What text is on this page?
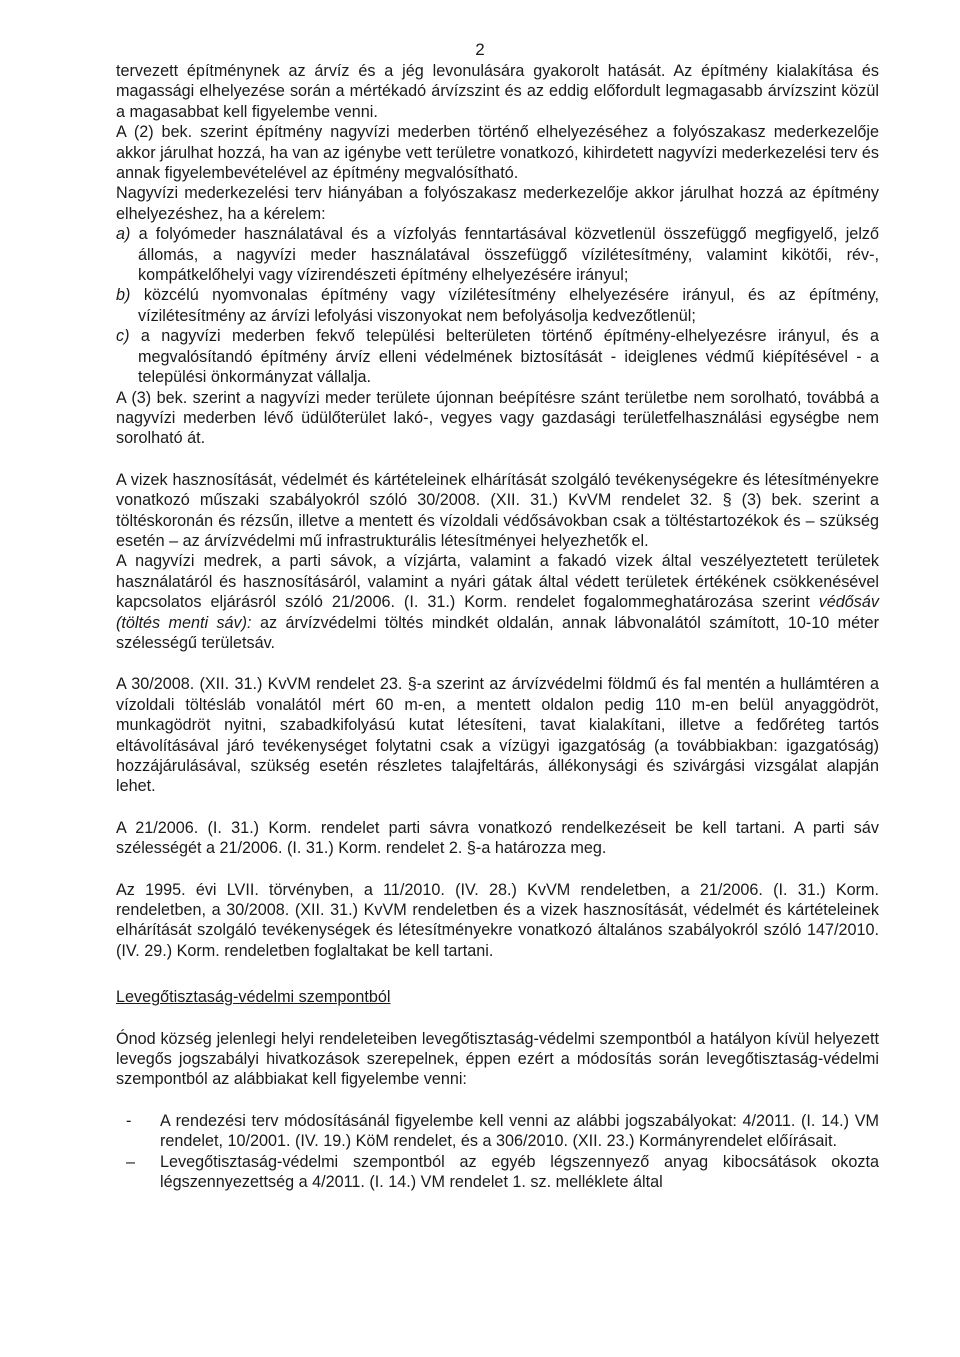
2

tervezett építménynek az árvíz és a jég levonulására gyakorolt hatását. Az építmény kialakítása és magassági elhelyezése során a mértékadó árvízszint és az eddig előfordult legmagasabb árvízszint közül a magasabbat kell figyelembe venni.

A (2) bek. szerint építmény nagyvízi mederben történő elhelyezéséhez a folyószakasz mederkezelője akkor járulhat hozzá, ha van az igénybe vett területre vonatkozó, kihirdetett nagyvízi mederkezelési terv és annak figyelembevételével az építmény megvalósítható.

Nagyvízi mederkezelési terv hiányában a folyószakasz mederkezelője akkor járulhat hozzá az építmény elhelyezéshez, ha a kérelem:

a) a folyómeder használatával és a vízfolyás fenntartásával közvetlenül összefüggő megfigyelő, jelző állomás, a nagyvízi meder használatával összefüggő vízilétesítmény, valamint kikötői, rév-, kompátkelőhelyi vagy vízirendészeti építmény elhelyezésére irányul;

b) közcélú nyomvonalas építmény vagy vízilétesítmény elhelyezésére irányul, és az építmény, vízilétesítmény az árvízi lefolyási viszonyokat nem befolyásolja kedvezőtlenül;

c) a nagyvízi mederben fekvő települési belterületen történő építmény-elhelyezésre irányul, és a megvalósítandó építmény árvíz elleni védelmének biztosítását - ideiglenes védmű kiépítésével - a települési önkormányzat vállalja.

A (3) bek. szerint a nagyvízi meder területe újonnan beépítésre szánt területbe nem sorolható, továbbá a nagyvízi mederben lévő üdülőterület lakó-, vegyes vagy gazdasági területfelhasználási egységbe nem sorolható át.

A vizek hasznosítását, védelmét és kártételeinek elhárítását szolgáló tevékenységekre és létesítményekre vonatkozó műszaki szabályokról szóló 30/2008. (XII. 31.) KvVM rendelet 32. § (3) bek. szerint a töltéskoronán és rézsűn, illetve a mentett és vízoldali védősávokban csak a töltéstartozékok és – szükség esetén – az árvízvédelmi mű infrastrukturális létesítményei helyezhetők el.

A nagyvízi medrek, a parti sávok, a vízjárta, valamint a fakadó vizek által veszélyeztetett területek használatáról és hasznosításáról, valamint a nyári gátak által védett területek értékének csökkenésével kapcsolatos eljárásról szóló 21/2006. (I. 31.) Korm. rendelet fogalommeghatározása szerint védősáv (töltés menti sáv): az árvízvédelmi töltés mindkét oldalán, annak lábvonalától számított, 10-10 méter szélességű területsáv.

A 30/2008. (XII. 31.) KvVM rendelet 23. §-a szerint az árvízvédelmi földmű és fal mentén a hullámtéren a vízoldali töltésláb vonalától mért 60 m-en, a mentett oldalon pedig 110 m-en belül anyaggödröt, munkagödröt nyitni, szabadkifolyású kutat létesíteni, tavat kialakítani, illetve a fedőréteg tartós eltávolításával járó tevékenységet folytatni csak a vízügyi igazgatóság (a továbbiakban: igazgatóság) hozzájárulásával, szükség esetén részletes talajfeltárás, állékonysági és szivárgási vizsgálat alapján lehet.

A 21/2006. (I. 31.) Korm. rendelet parti sávra vonatkozó rendelkezéseit be kell tartani. A parti sáv szélességét a 21/2006. (I. 31.) Korm. rendelet 2. §-a határozza meg.

Az 1995. évi LVII. törvényben, a 11/2010. (IV. 28.) KvVM rendeletben, a 21/2006. (I. 31.) Korm. rendeletben, a 30/2008. (XII. 31.) KvVM rendeletben és a vizek hasznosítását, védelmét és kártételeinek elhárítását szolgáló tevékenységek és létesítményekre vonatkozó általános szabályokról szóló 147/2010. (IV. 29.) Korm. rendeletben foglaltakat be kell tartani.

Levegőtisztaság-védelmi szempontból

Ónod község jelenlegi helyi rendeleteiben levegőtisztaság-védelmi szempontból a hatályon kívül helyezett levegős jogszabályi hivatkozások szerepelnek, éppen ezért a módosítás során levegőtisztaság-védelmi szempontból az alábbiakat kell figyelembe venni:

-	A rendezési terv módosításánál figyelembe kell venni az alábbi jogszabályokat: 4/2011. (I. 14.) VM rendelet, 10/2001. (IV. 19.) KöM rendelet, és a 306/2010. (XII. 23.) Kormányrendelet előírásait.
–	Levegőtisztaság-védelmi szempontból az egyéb légszennyező anyag kibocsátások okozta légszennyezettség a 4/2011. (I. 14.) VM rendelet 1. sz. melléklete által
